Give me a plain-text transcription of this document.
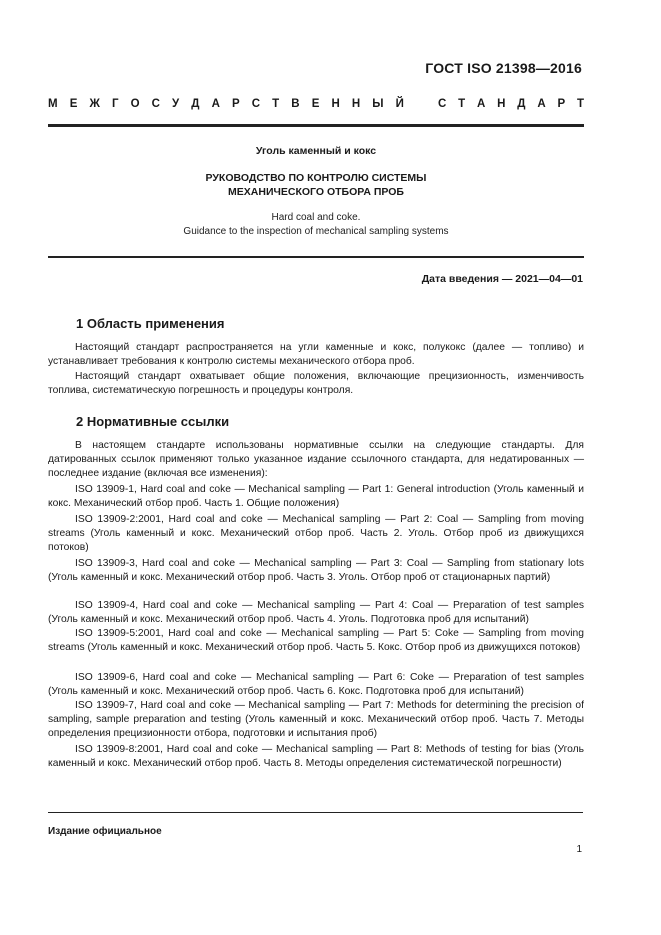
ГОСТ ISO 21398—2016
М Е Ж Г О С У Д А Р С Т В Е Н Н Ы Й	С Т А Н Д А Р Т
Уголь каменный и кокс
РУКОВОДСТВО ПО КОНТРОЛЮ СИСТЕМЫ
МЕХАНИЧЕСКОГО ОТБОРА ПРОБ
Hard coal and coke.
Guidance to the inspection of mechanical sampling systems
Дата введения — 2021—04—01
1 Область применения
Настоящий стандарт распространяется на угли каменные и кокс, полукокс (далее — топливо) и устанавливает требования к контролю системы механического отбора проб.
Настоящий стандарт охватывает общие положения, включающие прецизионность, изменчивость топлива, систематическую погрешность и процедуры контроля.
2 Нормативные ссылки
В настоящем стандарте использованы нормативные ссылки на следующие стандарты. Для датированных ссылок применяют только указанное издание ссылочного стандарта, для недатированных — последнее издание (включая все изменения):
ISO 13909-1, Hard coal and coke — Mechanical sampling — Part 1: General introduction (Уголь каменный и кокс. Механический отбор проб. Часть 1. Общие положения)
ISO 13909-2:2001, Hard coal and coke — Mechanical sampling — Part 2: Coal — Sampling from moving streams (Уголь каменный и кокс. Механический отбор проб. Часть 2. Уголь. Отбор проб из движущихся потоков)
ISO 13909-3, Hard coal and coke — Mechanical sampling — Part 3: Coal — Sampling from stationary lots (Уголь каменный и кокс. Механический отбор проб. Часть 3. Уголь. Отбор проб от стационарных партий)
ISO 13909-4, Hard coal and coke — Mechanical sampling — Part 4: Coal — Preparation of test samples (Уголь каменный и кокс. Механический отбор проб. Часть 4. Уголь. Подготовка проб для испытаний)
ISO 13909-5:2001, Hard coal and coke — Mechanical sampling — Part 5: Coke — Sampling from moving streams (Уголь каменный и кокс. Механический отбор проб. Часть 5. Кокс. Отбор проб из движущихся потоков)
ISO 13909-6, Hard coal and coke — Mechanical sampling — Part 6: Coke — Preparation of test samples (Уголь каменный и кокс. Механический отбор проб. Часть 6. Кокс. Подготовка проб для испытаний)
ISO 13909-7, Hard coal and coke — Mechanical sampling — Part 7: Methods for determining the precision of sampling, sample preparation and testing (Уголь каменный и кокс. Механический отбор проб. Часть 7. Методы определения прецизионности отбора, подготовки и испытания проб)
ISO 13909-8:2001, Hard coal and coke — Mechanical sampling — Part 8: Methods of testing for bias (Уголь каменный и кокс. Механический отбор проб. Часть 8. Методы определения систематической погрешности)
Издание официальное
1
